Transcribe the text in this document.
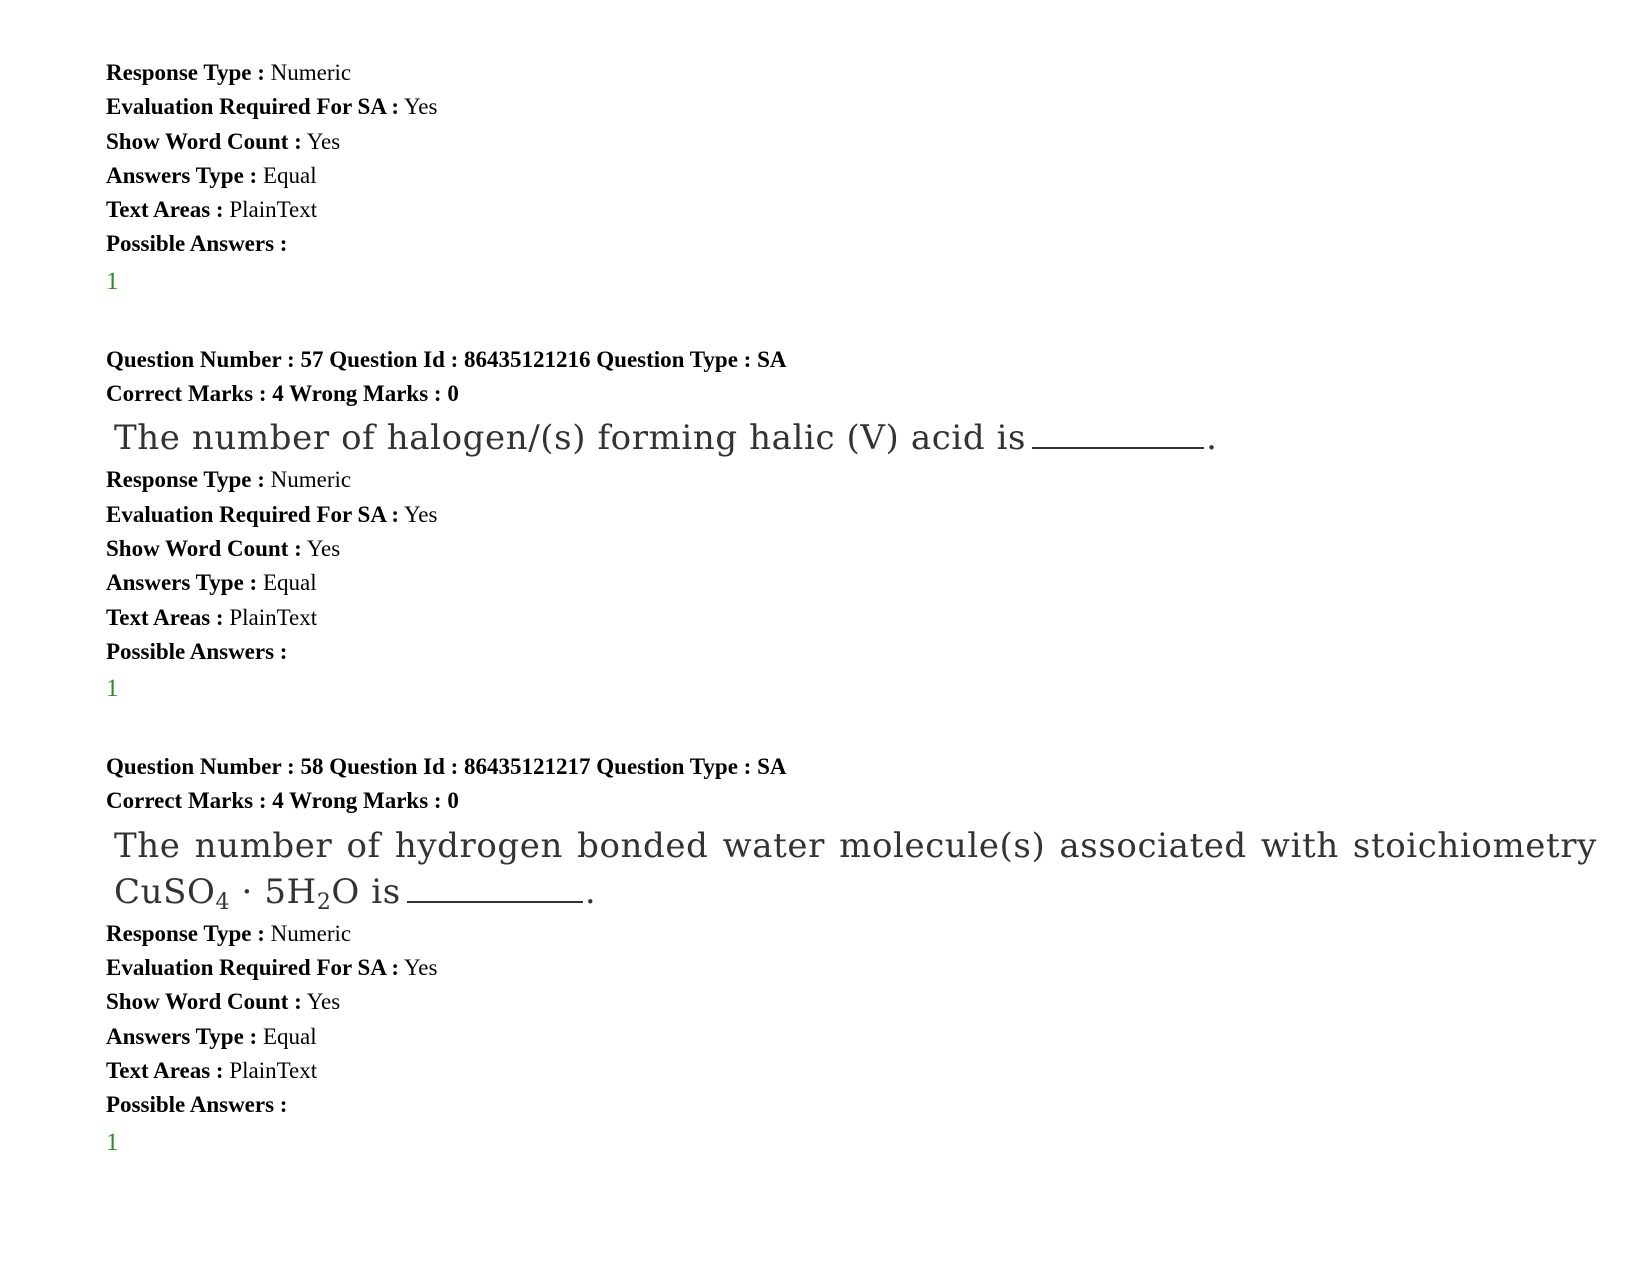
Response Type : Numeric
Evaluation Required For SA : Yes
Show Word Count : Yes
Answers Type : Equal
Text Areas : PlainText
Possible Answers :
1
Question Number : 57 Question Id : 86435121216 Question Type : SA
Correct Marks : 4 Wrong Marks : 0
The number of halogen/(s) forming halic (V) acid is	.
Response Type : Numeric
Evaluation Required For SA : Yes
Show Word Count : Yes
Answers Type : Equal
Text Areas : PlainText
Possible Answers :
1
Question Number : 58 Question Id : 86435121217 Question Type : SA
Correct Marks : 4 Wrong Marks : 0
The number of hydrogen bonded water molecule(s) associated with stoichiometry
CuSO$_4$ · $5H_2O$ is	.
Response Type : Numeric
Evaluation Required For SA : Yes
Show Word Count : Yes
Answers Type : Equal
Text Areas : PlainText
Possible Answers :
1
